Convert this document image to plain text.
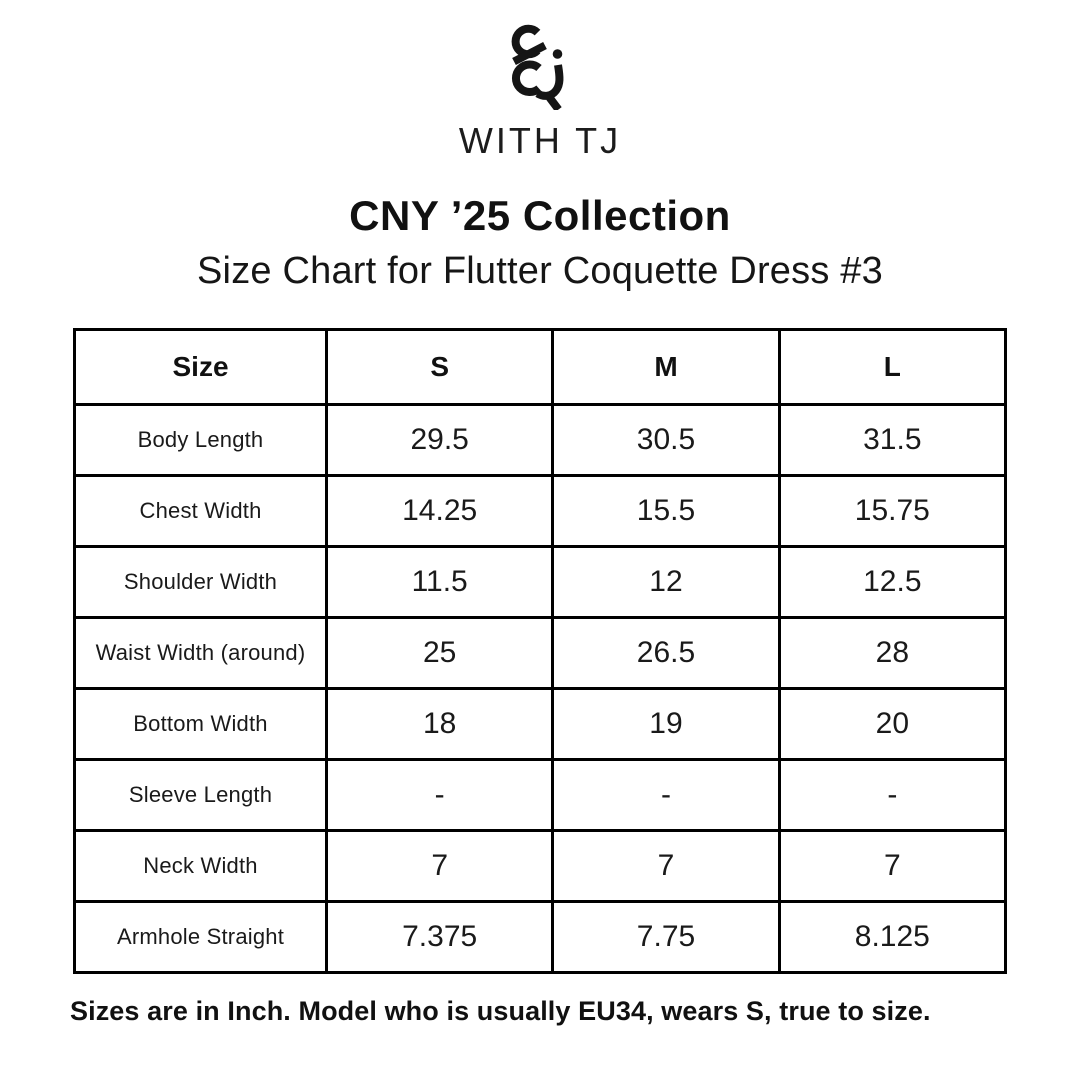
WITH TJ
CNY ’25 Collection
Size Chart for Flutter Coquette Dress #3
Size	S	M	L
Body Length	29.5	30.5	31.5
Chest Width	14.25	15.5	15.75
Shoulder Width	11.5	12	12.5
Waist Width (around)	25	26.5	28
Bottom Width	18	19	20
Sleeve Length	-	-	-
Neck Width	7	7	7
Armhole Straight	7.375	7.75	8.125
Sizes are in Inch. Model who is usually EU34, wears S, true to size.
